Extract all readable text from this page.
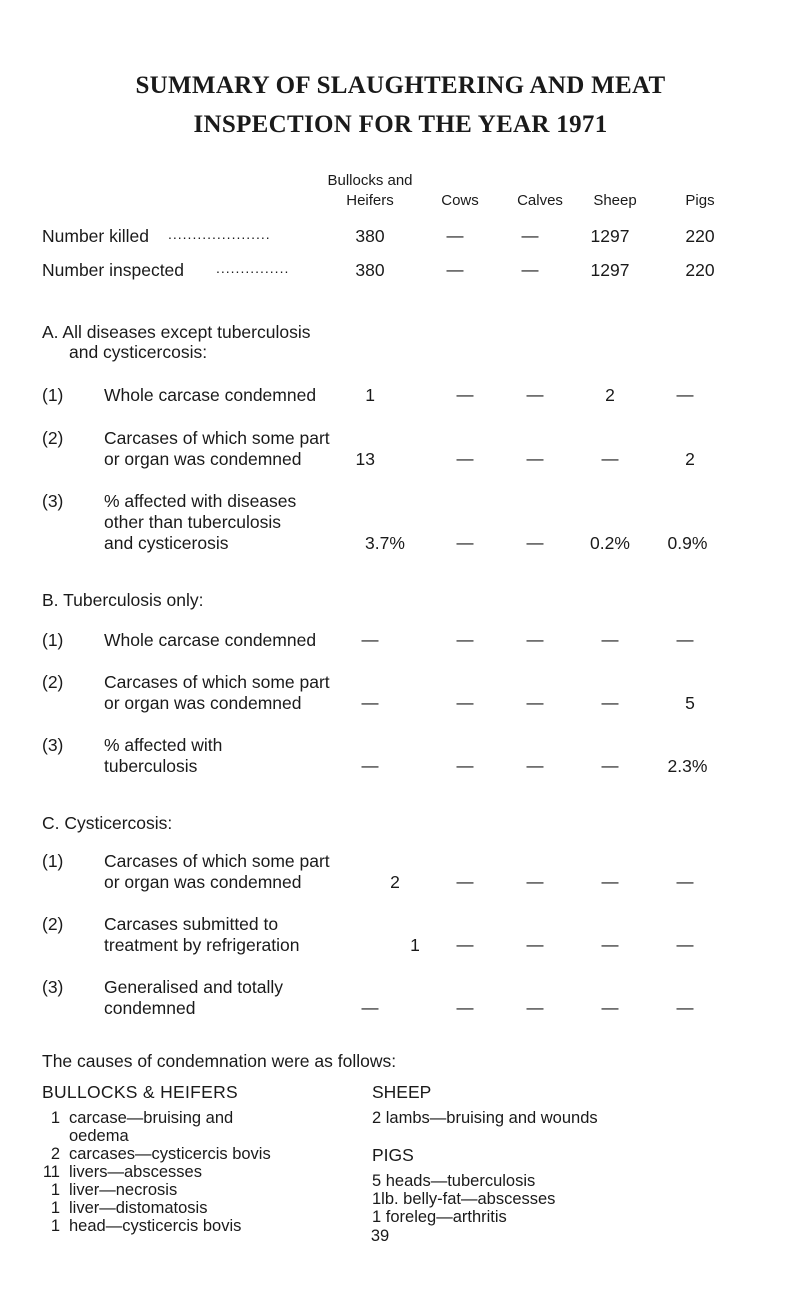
SUMMARY OF SLAUGHTERING AND MEAT
INSPECTION FOR THE YEAR 1971
Bullocks and
Heifers	Cows	Calves	Sheep	Pigs
Number killed .....................	380	—	—	1297	220
Number inspected ...............	380	—	—	1297	220
A. All diseases except tuberculosis
and cysticercosis:
(1) Whole carcase condemned	1	—	—	2	—
(2) Carcases of which some part
or organ was condemned	13	—	—	—	2
(3) % affected with diseases
other than tuberculosis
and cysticerosis	3.7%	—	—	0.2%	0.9%
B. Tuberculosis only:
(1) Whole carcase condemned	—	—	—	—	—
(2) Carcases of which some part
or organ was condemned	—	—	—	—	5
(3) % affected with
tuberculosis	—	—	—	—	2.3%
C. Cysticercosis:
(1) Carcases of which some part
or organ was condemned	2	—	—	—	—
(2) Carcases submitted to
treatment by refrigeration	1	—	—	—	—
(3) Generalised and totally
condemned	—	—	—	—	—
The causes of condemnation were as follows:
BULLOCKS & HEIFERS
1 carcase—bruising and
oedema
2 carcases—cysticercis bovis
11 livers—abscesses
1 liver—necrosis
1 liver—distomatosis
1 head—cysticercis bovis
SHEEP
2 lambs—bruising and wounds
PIGS
5 heads—tuberculosis
1lb. belly-fat—abscesses
1 foreleg—arthritis
39
